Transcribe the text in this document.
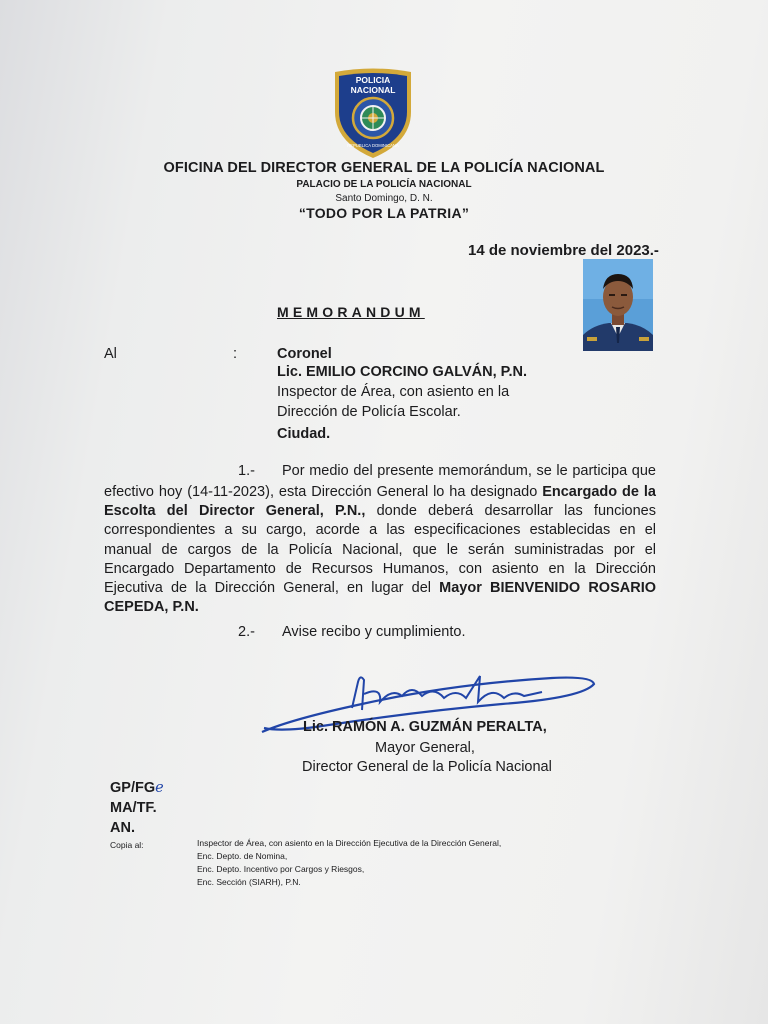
POLICIA
NACIONAL
REPUBLICA DOMINICANA
OFICINA DEL DIRECTOR GENERAL DE LA POLICÍA NACIONAL
PALACIO DE LA POLICÍA NACIONAL
Santo Domingo, D. N.
“TODO POR LA PATRIA”
14 de noviembre del 2023.-
MEMORANDUM
Al	:	Coronel
Lic. EMILIO CORCINO GALVÁN, P.N.
Inspector de Área, con asiento en la
Dirección de Policía Escolar.
Ciudad.
1.- Por medio del presente memorándum, se le participa que
efectivo hoy (14-11-2023), esta Dirección General lo ha designado Encargado de la Escolta del Director General, P.N., donde deberá desarrollar las funciones correspondientes a su cargo, acorde a las especificaciones establecidas en el manual de cargos de la Policía Nacional, que le serán suministradas por el Encargado Departamento de Recursos Humanos, con asiento en la Dirección Ejecutiva de la Dirección General, en lugar del Mayor BIENVENIDO ROSARIO CEPEDA, P.N.
2.- Avise recibo y cumplimiento.
Lic. RAMÓN A. GUZMÁN PERALTA,
Mayor General,
Director General de la Policía Nacional
GP/FGe
MA/TF.
AN.
Copia al:	Inspector de Área, con asiento en la Dirección Ejecutiva de la Dirección General,
Enc. Depto. de Nomina,
Enc. Depto. Incentivo por Cargos y Riesgos,
Enc. Sección (SIARH), P.N.
